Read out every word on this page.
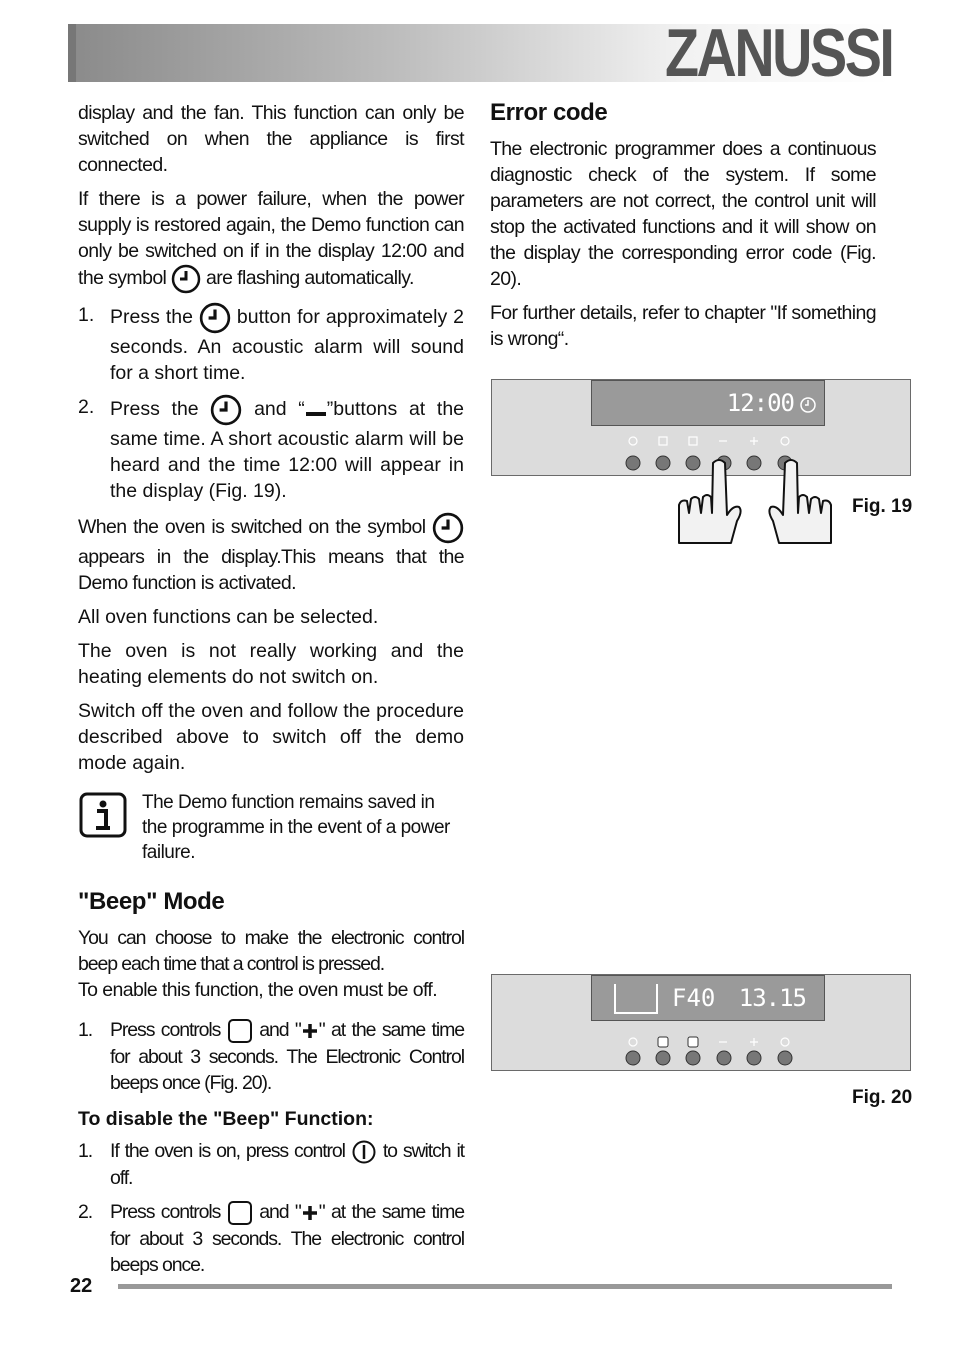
ZANUSSI

display and the fan. This function can only be switched on when the appliance is first connected.

If there is a power failure, when the power supply is restored again, the Demo function can only be switched on if in the display 12:00 and the symbol are flashing automatically.

1. Press the button for approximately 2 seconds. An acoustic alarm will sound for a short time.
2. Press the	and “ ”buttons at the same time. A short acoustic alarm will be heard and the time 12:00 will appear in the display (Fig. 19).

When the oven is switched on the symbol  appears in the display.This means that the Demo function is activated.

All oven functions can be selected.

The oven is not really working and the heating elements do not switch on.

Switch off the oven and follow the procedure described above to switch off the demo mode again.

The Demo function remains saved in the programme in the event of a power failure.
"Beep" Mode

You can choose to make the electronic control beep each time that a control is pressed.

To enable this function, the oven must be off.

1. Press controls and " " at the same time for about 3 seconds. The Electronic Control beeps once (Fig. 20).
To disable the "Beep" Function:
1. If the oven is on, press control to switch it off.
2. Press controls and " " at the same time for about 3 seconds. The electronic control beeps once.
Error code

The electronic programmer does a continuous diagnostic check of the system. If some parameters are not correct, the control unit will stop the activated functions and it will show on the display the corresponding error code (Fig. 20).

For further details, refer to chapter "If something is wrong“.

12:00
Fig. 19
F40 13.15
Fig. 20
22
